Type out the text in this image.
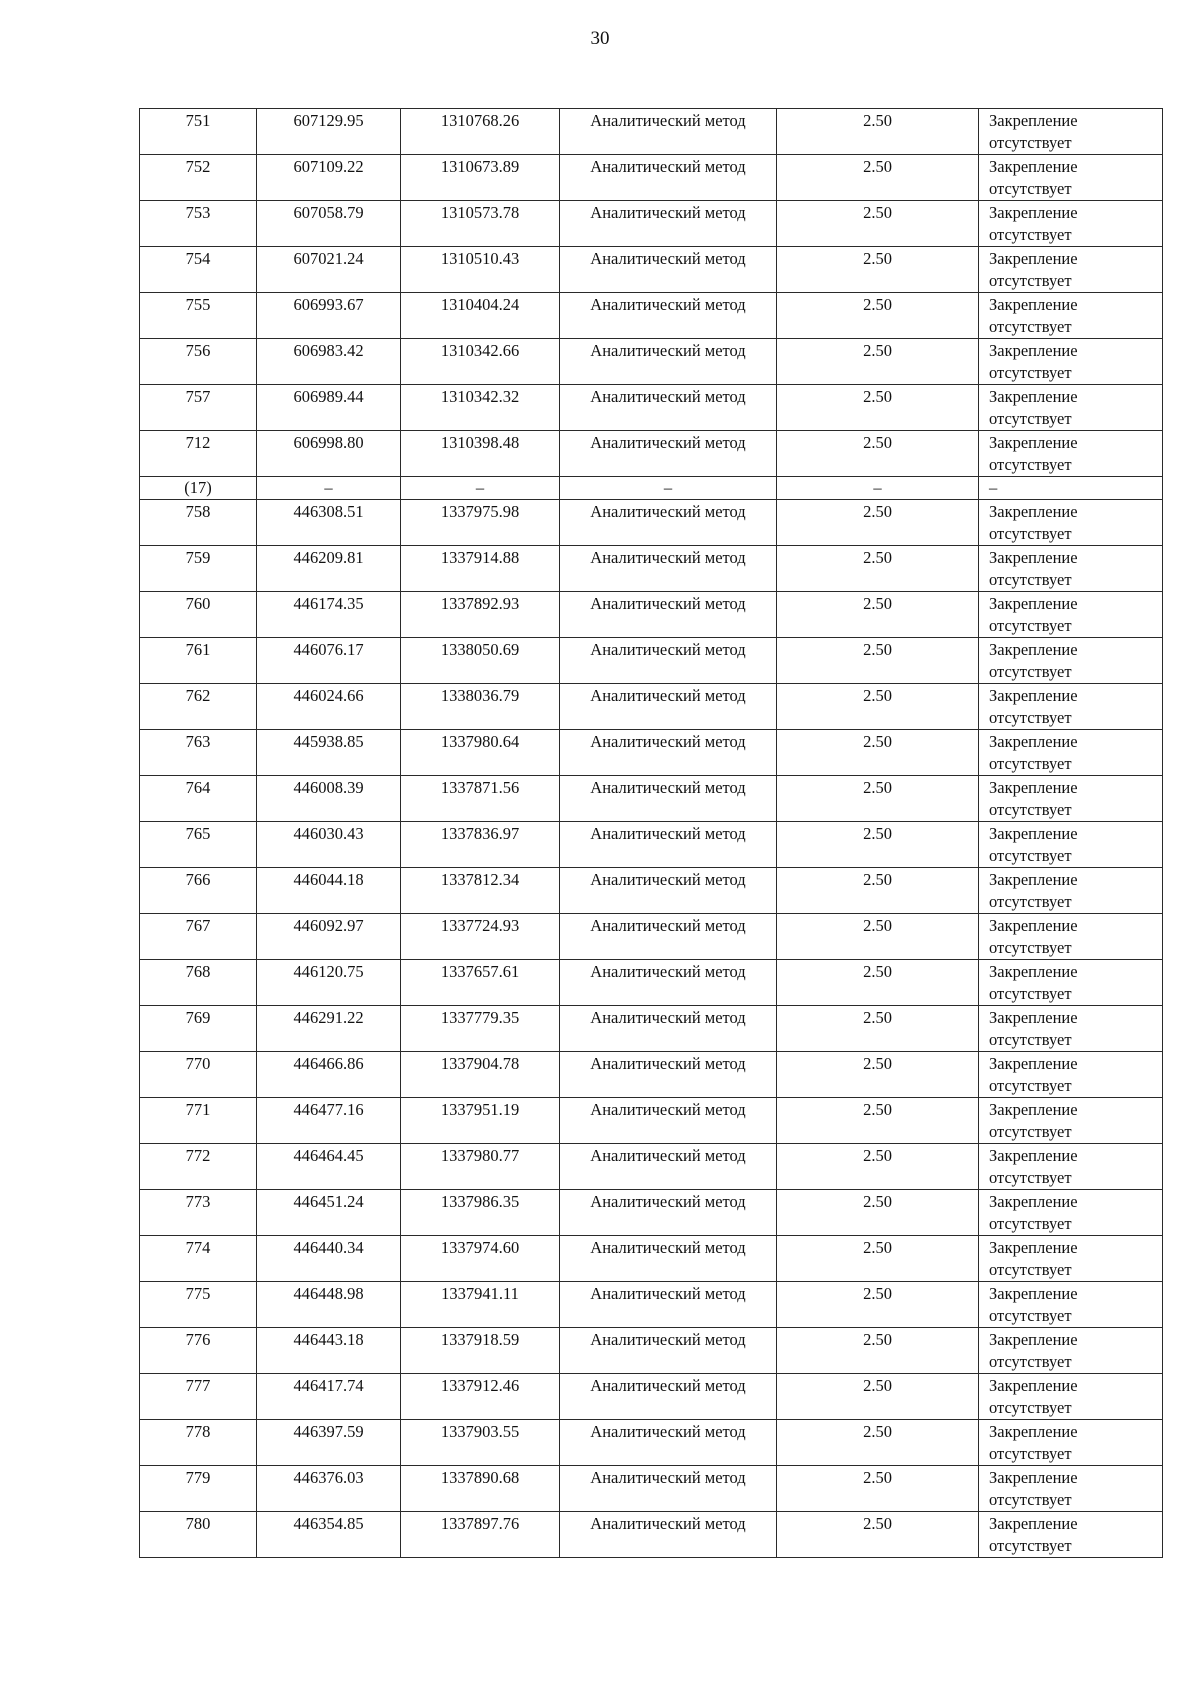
30
751	607129.95	1310768.26	Аналитический метод	2.50	Закрепление отсутствует

752	607109.22	1310673.89	Аналитический метод	2.50	Закрепление отсутствует

753	607058.79	1310573.78	Аналитический метод	2.50	Закрепление отсутствует

754	607021.24	1310510.43	Аналитический метод	2.50	Закрепление отсутствует

755	606993.67	1310404.24	Аналитический метод	2.50	Закрепление отсутствует

756	606983.42	1310342.66	Аналитический метод	2.50	Закрепление отсутствует

757	606989.44	1310342.32	Аналитический метод	2.50	Закрепление отсутствует

712	606998.80	1310398.48	Аналитический метод	2.50	Закрепление отсутствует

(17)	–	–	–	–	–

758	446308.51	1337975.98	Аналитический метод	2.50	Закрепление отсутствует

759	446209.81	1337914.88	Аналитический метод	2.50	Закрепление отсутствует

760	446174.35	1337892.93	Аналитический метод	2.50	Закрепление отсутствует

761	446076.17	1338050.69	Аналитический метод	2.50	Закрепление отсутствует

762	446024.66	1338036.79	Аналитический метод	2.50	Закрепление отсутствует

763	445938.85	1337980.64	Аналитический метод	2.50	Закрепление отсутствует

764	446008.39	1337871.56	Аналитический метод	2.50	Закрепление отсутствует

765	446030.43	1337836.97	Аналитический метод	2.50	Закрепление отсутствует

766	446044.18	1337812.34	Аналитический метод	2.50	Закрепление отсутствует

767	446092.97	1337724.93	Аналитический метод	2.50	Закрепление отсутствует

768	446120.75	1337657.61	Аналитический метод	2.50	Закрепление отсутствует

769	446291.22	1337779.35	Аналитический метод	2.50	Закрепление отсутствует

770	446466.86	1337904.78	Аналитический метод	2.50	Закрепление отсутствует

771	446477.16	1337951.19	Аналитический метод	2.50	Закрепление отсутствует

772	446464.45	1337980.77	Аналитический метод	2.50	Закрепление отсутствует

773	446451.24	1337986.35	Аналитический метод	2.50	Закрепление отсутствует

774	446440.34	1337974.60	Аналитический метод	2.50	Закрепление отсутствует

775	446448.98	1337941.11	Аналитический метод	2.50	Закрепление отсутствует

776	446443.18	1337918.59	Аналитический метод	2.50	Закрепление отсутствует

777	446417.74	1337912.46	Аналитический метод	2.50	Закрепление отсутствует

778	446397.59	1337903.55	Аналитический метод	2.50	Закрепление отсутствует

779	446376.03	1337890.68	Аналитический метод	2.50	Закрепление отсутствует

780	446354.85	1337897.76	Аналитический метод	2.50	Закрепление отсутствует
